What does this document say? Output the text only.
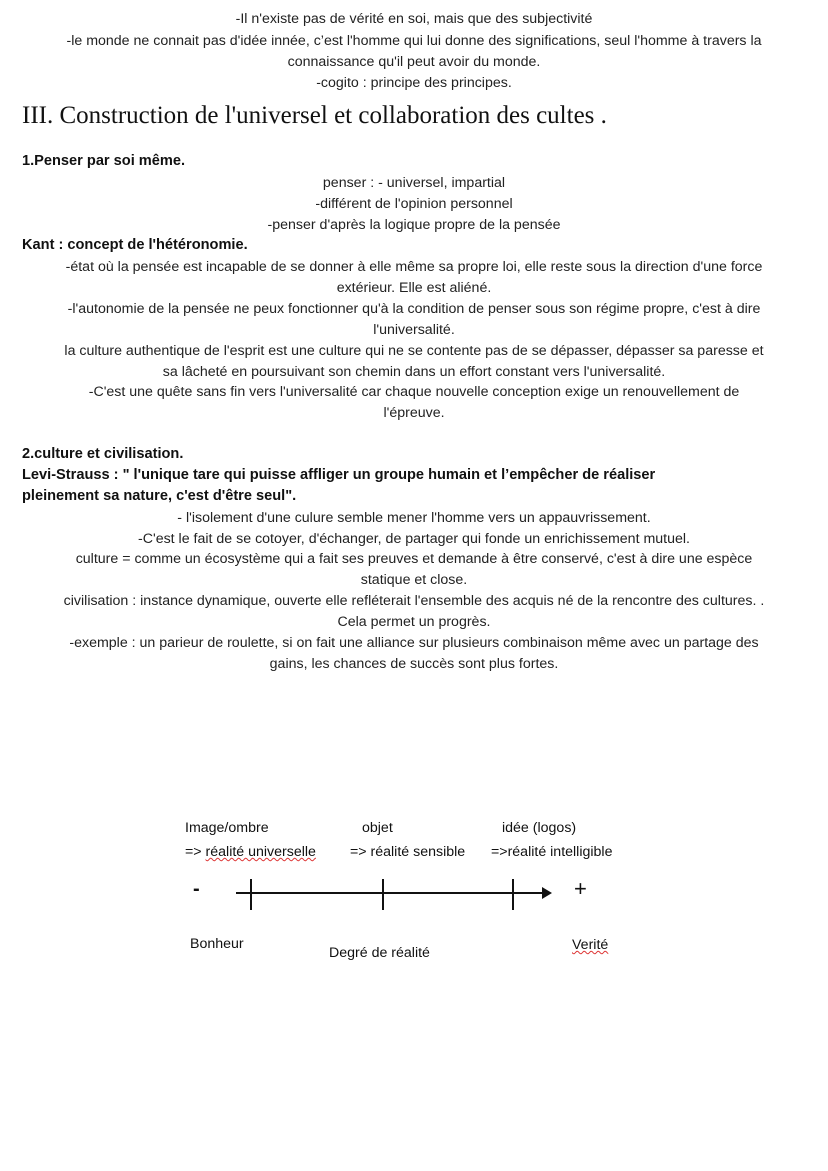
-Il n'existe pas de vérité en soi, mais que des subjectivité
-le monde ne connait pas d'idée innée, c’est l'homme qui lui donne des significations, seul l'homme à travers la
connaissance qu'il peut avoir du monde.
-cogito : principe des principes.
III. Construction de l'universel et collaboration des cultes .
1.Penser par soi même.
penser : - universel, impartial
-différent de l'opinion personnel
-penser d'après la logique propre de la pensée
Kant : concept de l'hétéronomie.
-état où la pensée est incapable de se donner à elle même sa propre loi, elle reste sous la direction d'une force
extérieur. Elle est aliéné.
-l'autonomie de la pensée ne peux fonctionner qu'à la condition de penser sous son régime propre, c'est à dire
l'universalité.
la culture authentique de l'esprit est une culture qui ne se contente pas de se dépasser, dépasser sa paresse et
sa lâcheté en poursuivant son chemin dans un effort constant vers l'universalité.
-C'est une quête sans fin vers l'universalité car chaque nouvelle conception exige un renouvellement de
l'épreuve.
2.culture et civilisation.
Levi-Strauss : " l'unique tare qui puisse affliger un groupe humain et l’empêcher de réaliser
pleinement sa nature, c'est d'être seul".
- l'isolement d'une culure semble mener l'homme vers un appauvrissement.
-C'est le fait de se cotoyer, d'échanger, de partager qui fonde un enrichissement mutuel.
culture = comme un écosystème qui a fait ses preuves et demande à être conservé, c'est à dire une espèce
statique et close.
civilisation : instance dynamique, ouverte elle refléterait l'ensemble des acquis né de la rencontre des cultures. .
Cela permet un progrès.
-exemple : un parieur de roulette, si on fait une alliance sur plusieurs combinaison même avec un partage des
gains, les chances de succès sont plus fortes.
Image/ombre
=> réalité universelle
objet
=> réalité sensible
idée (logos)
=>réalité intelligible
-	+
Bonheur
Degré de réalité	Verité
